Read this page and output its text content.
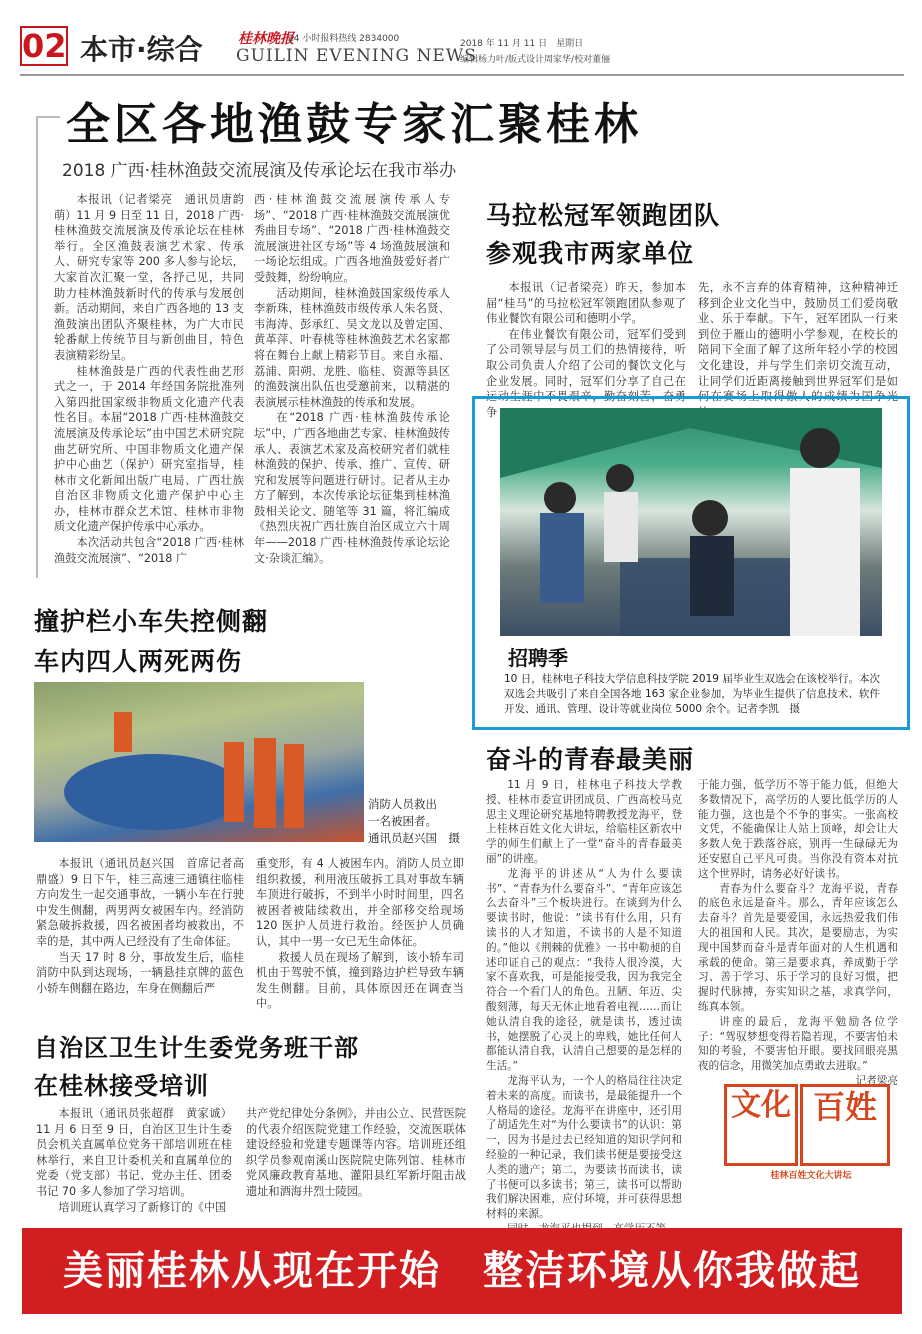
02 本市·综合	桂林晚报
24 小时报料热线 2834000
GUILIN EVENING NEWS
2018 年 11 月 11 日　星期日
编辑杨力叶/版式设计周家华/校对董俪
全区各地渔鼓专家汇聚桂林
2018 广西·桂林渔鼓交流展演及传承论坛在我市举办

本报讯（记者梁亮　通讯员唐韵萌）11 月 9 日至 11 日，2018 广西·桂林渔鼓交流展演及传承论坛在桂林举行。全区渔鼓表演艺术家、传承人、研究专家等 200 多人参与论坛，大家首次汇聚一堂，各抒己见，共同助力桂林渔鼓新时代的传承与发展创新。活动期间，来自广西各地的 13 支渔鼓演出团队齐聚桂林，为广大市民轮番献上传统节目与新创曲目，特色表演精彩纷呈。

桂林渔鼓是广西的代表性曲艺形式之一，于 2014 年经国务院批准列入第四批国家级非物质文化遗产代表性名目。本届“2018 广西·桂林渔鼓交流展演及传承论坛”由中国艺术研究院曲艺研究所、中国非物质文化遗产保护中心曲艺（保护）研究室指导，桂林市文化新闻出版广电局、广西壮族自治区非物质文化遗产保护中心主办，桂林市群众艺术馆、桂林市非物质文化遗产保护传承中心承办。

本次活动共包含“2018 广西·桂林渔鼓交流展演”、“2018 广

西·桂林渔鼓交流展演传承人专场”、“2018 广西·桂林渔鼓交流展演优秀曲目专场”、“2018 广西·桂林渔鼓交流展演进社区专场”等 4 场渔鼓展演和一场论坛组成。广西各地渔鼓爱好者广受鼓舞，纷纷响应。

活动期间，桂林渔鼓国家级传承人李新珠，桂林渔鼓市级传承人朱名贤、韦海涛、彭承红、吴文龙以及曾定国、黄革萍、叶春桃等桂林渔鼓艺术名家都将在舞台上献上精彩节目。来自永福、荔浦、阳朔、龙胜、临桂、资源等县区的渔鼓演出队伍也受邀前来，以精湛的表演展示桂林渔鼓的传承和发展。

在“2018 广西·桂林渔鼓传承论坛”中，广西各地曲艺专家、桂林渔鼓传承人、表演艺术家及高校研究者们就桂林渔鼓的保护、传承、推广、宣传、研究和发展等问题进行研讨。记者从主办方了解到，本次传承论坛征集到桂林渔鼓相关论文、随笔等 31 篇，将汇编成《热烈庆祝广西壮族自治区成立六十周年——2018 广西·桂林渔鼓传承论坛论文·杂谈汇编》。

马拉松冠军领跑团队
参观我市两家单位

本报讯（记者梁亮）昨天，参加本届“桂马”的马拉松冠军领跑团队参观了伟业餐饮有限公司和德明小学。

在伟业餐饮有限公司，冠军们受到了公司领导层与员工们的热情接待，听取公司负责人介绍了公司的餐饮文化与企业发展。同时，冠军们分享了自己在运动生涯中不畏艰辛，勤奋刻苦，奋勇争

先，永不言弃的体育精神，这种精神迁移到企业文化当中，鼓励员工们爱岗敬业、乐于奉献。下午，冠军团队一行来到位于雁山的德明小学参观，在校长的陪同下全面了解了这所年轻小学的校园文化建设，并与学生们亲切交流互动，让同学们近距离接触到世界冠军们是如何在赛场上取得傲人的成绩为国争光

招聘季
10 日，桂林电子科技大学信息科技学院 2019 届毕业生双选会在该校举行。本次双选会共吸引了来自全国各地 163 家企业参加，为毕业生提供了信息技术、软件开发、通讯、管理、设计等就业岗位 5000 余个。记者李凯　摄
撞护栏小车失控侧翻
车内四人两死两伤
消防人员救出
一名被困者。
通讯员赵兴国　摄

本报讯（通讯员赵兴国　首席记者高鼎盛）9 日下午，桂三高速三通镇往临桂方向发生一起交通事故，一辆小车在行驶中发生侧翻，两男两女被困车内。经消防紧急破拆救援，四名被困者均被救出，不幸的是，其中两人已经没有了生命体征。

当天 17 时 8 分，事故发生后，临桂消防中队到达现场，一辆悬挂京牌的蓝色小轿车侧翻在路边，车身在侧翻后严

重变形，有 4 人被困车内。消防人员立即组织救援，利用液压破拆工具对事故车辆车顶进行破拆，不到半小时时间里，四名被困者被陆续救出，并全部移交给现场 120 医护人员进行救治。经医护人员确认，其中一男一女已无生命体征。

救援人员在现场了解到，该小轿车司机由于驾驶不慎，撞到路边护栏导致车辆发生侧翻。目前，具体原因还在调查当中。

奋斗的青春最美丽

11 月 9 日，桂林电子科技大学教授、桂林市委宣讲团成员、广西高校马克思主义理论研究基地特聘教授龙海平，登上桂林百姓文化大讲坛，给临桂区新农中学的师生们献上了一堂“奋斗的青春最美丽”的讲座。

龙海平的讲述从“人为什么要读书”、“青春为什么要奋斗”、“青年应该怎么去奋斗”三个板块进行。在谈到为什么要读书时，他说：“读书有什么用，只有读书的人才知道，不读书的人是不知道的。”他以《荆棘的优雅》一书中勒昶的自述印证自己的观点：“我待人很冷漠，大家不喜欢我，可是能接受我，因为我完全符合一个看门人的角色。丑陋、年迈、尖酸刻薄，每天无休止地看着电视……而让她认清自我的途径，就是读书，透过读书，她摆脱了心灵上的卑贱，她比任何人都能认清自我，认清自己想要的是怎样的生活。”

龙海平认为，一个人的格局往往决定着未来的高度。而读书，是最能提升一个人格局的途径。龙海平在讲座中，还引用了胡适先生对“为什么要读书”的认识：第一，因为书是过去已经知道的知识学问和经验的一种记录，我们读书便是要接受这人类的遗产；第二，为要读书而读书，读了书便可以多读书；第三，读书可以帮助我们解决困难，应付环境，并可获得思想材料的来源。

于能力强，低学历不等于能力低，但绝大多数情况下，高学历的人要比低学历的人能力强，这也是个不争的事实。一张高校文凭，不能确保让人站上顶峰，却会让大多数人免于跌落谷底，别再一生碌碌无为还安慰自己平凡可贵。当你没有资本对抗这个世界时，请务必好好读书。

青春为什么要奋斗？龙海平说，青春的底色永远是奋斗。那么，青年应该怎么去奋斗？首先是要爱国，永远热爱我们伟大的祖国和人民。其次，是要励志，为实现中国梦而奋斗是青年面对的人生机遇和承载的使命。第三是要求真，养成勤于学习、善于学习、乐于学习的良好习惯，把握时代脉搏，夯实知识之基，求真学问，练真本领。

讲座的最后，龙海平勉励各位学子：“驾驭梦想变得若隐若现，不要害怕未知的考验，不要害怕开眼。要找回眼亮黑夜的信念，用微笑加点勇敢去进取。”

记者梁亮

文化 百姓
桂林百姓文化大讲坛
自治区卫生计生委党务班干部
在桂林接受培训

本报讯（通讯员张超群　黄家诚）11 月 6 日至 9 日，自治区卫生计生委员会机关直属单位党务干部培训班在桂林举行，来自卫计委机关和直属单位的党委（党支部）书记、党办主任、团委书记 70 多人参加了学习培训。

培训班认真学习了新修订的《中国

共产党纪律处分条例》，并由公立、民营医院的代表介绍医院党建工作经验，交流医联体建设经验和党建专题课等内容。培训班还组织学员参观南溪山医院院史陈列馆、桂林市党风廉政教育基地、灌阳县红军新圩阻击战遗址和酒海井烈士陵园。

美丽桂林从现在开始　整洁环境从你我做起
